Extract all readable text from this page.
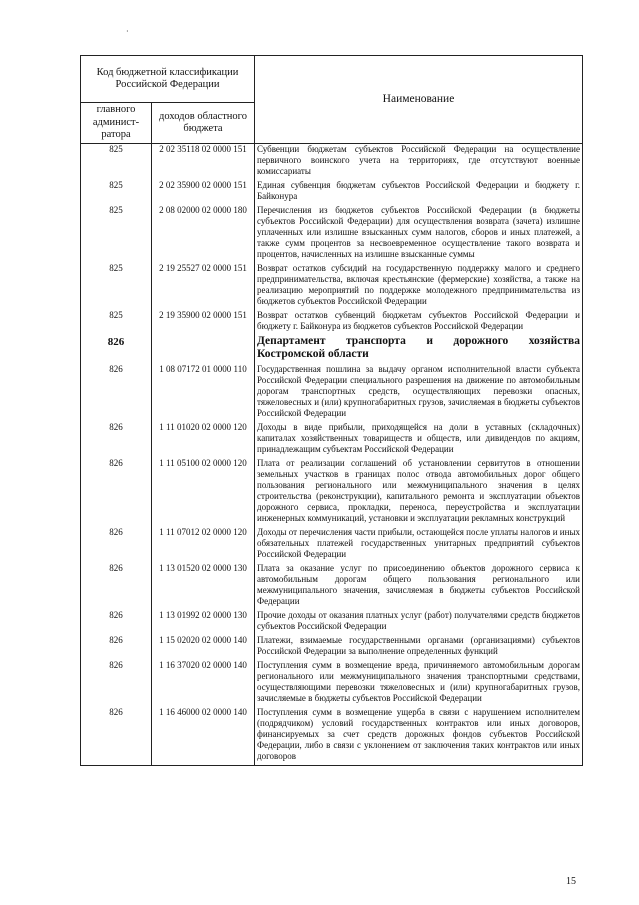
·
Код бюджетной классификации Российской Федерации		Наименование
главного админист-ратора	доходов областного бюджета	
825	2 02 35118 02 0000 151	Субвенции бюджетам субъектов Российской Федерации на осуществление первичного воинского учета на территориях, где отсутствуют военные комиссариаты
825	2 02 35900 02 0000 151	Единая субвенция бюджетам субъектов Российской Федерации и бюджету г. Байконура
825	2 08 02000 02 0000 180	Перечисления из бюджетов субъектов Российской Федерации (в бюджеты субъектов Российской Федерации) для осуществления возврата (зачета) излишне уплаченных или излишне взысканных сумм налогов, сборов и иных платежей, а также сумм процентов за несвоевременное осуществление такого возврата и процентов, начисленных на излишне взысканные суммы
825	2 19 25527 02 0000 151	Возврат остатков субсидий на государственную поддержку малого и среднего предпринимательства, включая крестьянские (фермерские) хозяйства, а также на реализацию мероприятий по поддержке молодежного предпринимательства из бюджетов субъектов Российской Федерации
825	2 19 35900 02 0000 151	Возврат остатков субвенций бюджетам субъектов Российской Федерации и бюджету г. Байконура из бюджетов субъектов Российской Федерации
826		Департамент транспорта и дорожного хозяйства Костромской области
826	1 08 07172 01 0000 110	Государственная пошлина за выдачу органом исполнительной власти субъекта Российской Федерации специального разрешения на движение по автомобильным дорогам транспортных средств, осуществляющих перевозки опасных, тяжеловесных и (или) крупногабаритных грузов, зачисляемая в бюджеты субъектов Российской Федерации
826	1 11 01020 02 0000 120	Доходы в виде прибыли, приходящейся на доли в уставных (складочных) капиталах хозяйственных товариществ и обществ, или дивидендов по акциям, принадлежащим субъектам Российской Федерации
826	1 11 05100 02 0000 120	Плата от реализации соглашений об установлении сервитутов в отношении земельных участков в границах полос отвода автомобильных дорог общего пользования регионального или межмуниципального значения в целях строительства (реконструкции), капитального ремонта и эксплуатации объектов дорожного сервиса, прокладки, переноса, переустройства и эксплуатации инженерных коммуникаций, установки и эксплуатации рекламных конструкций
826	1 11 07012 02 0000 120	Доходы от перечисления части прибыли, остающейся после уплаты налогов и иных обязательных платежей государственных унитарных предприятий субъектов Российской Федерации
826	1 13 01520 02 0000 130	Плата за оказание услуг по присоединению объектов дорожного сервиса к автомобильным дорогам общего пользования регионального или межмуниципального значения, зачисляемая в бюджеты субъектов Российской Федерации
826	1 13 01992 02 0000 130	Прочие доходы от оказания платных услуг (работ) получателями средств бюджетов субъектов Российской Федерации
826	1 15 02020 02 0000 140	Платежи, взимаемые государственными органами (организациями) субъектов Российской Федерации за выполнение определенных функций
826	1 16 37020 02 0000 140	Поступления сумм в возмещение вреда, причиняемого автомобильным дорогам регионального или межмуниципального значения транспортными средствами, осуществляющими перевозки тяжеловесных и (или) крупногабаритных грузов, зачисляемые в бюджеты субъектов Российской Федерации
826	1 16 46000 02 0000 140	Поступления сумм в возмещение ущерба в связи с нарушением исполнителем (подрядчиком) условий государственных контрактов или иных договоров, финансируемых за счет средств дорожных фондов субъектов Российской Федерации, либо в связи с уклонением от заключения таких контрактов или иных договоров
15
